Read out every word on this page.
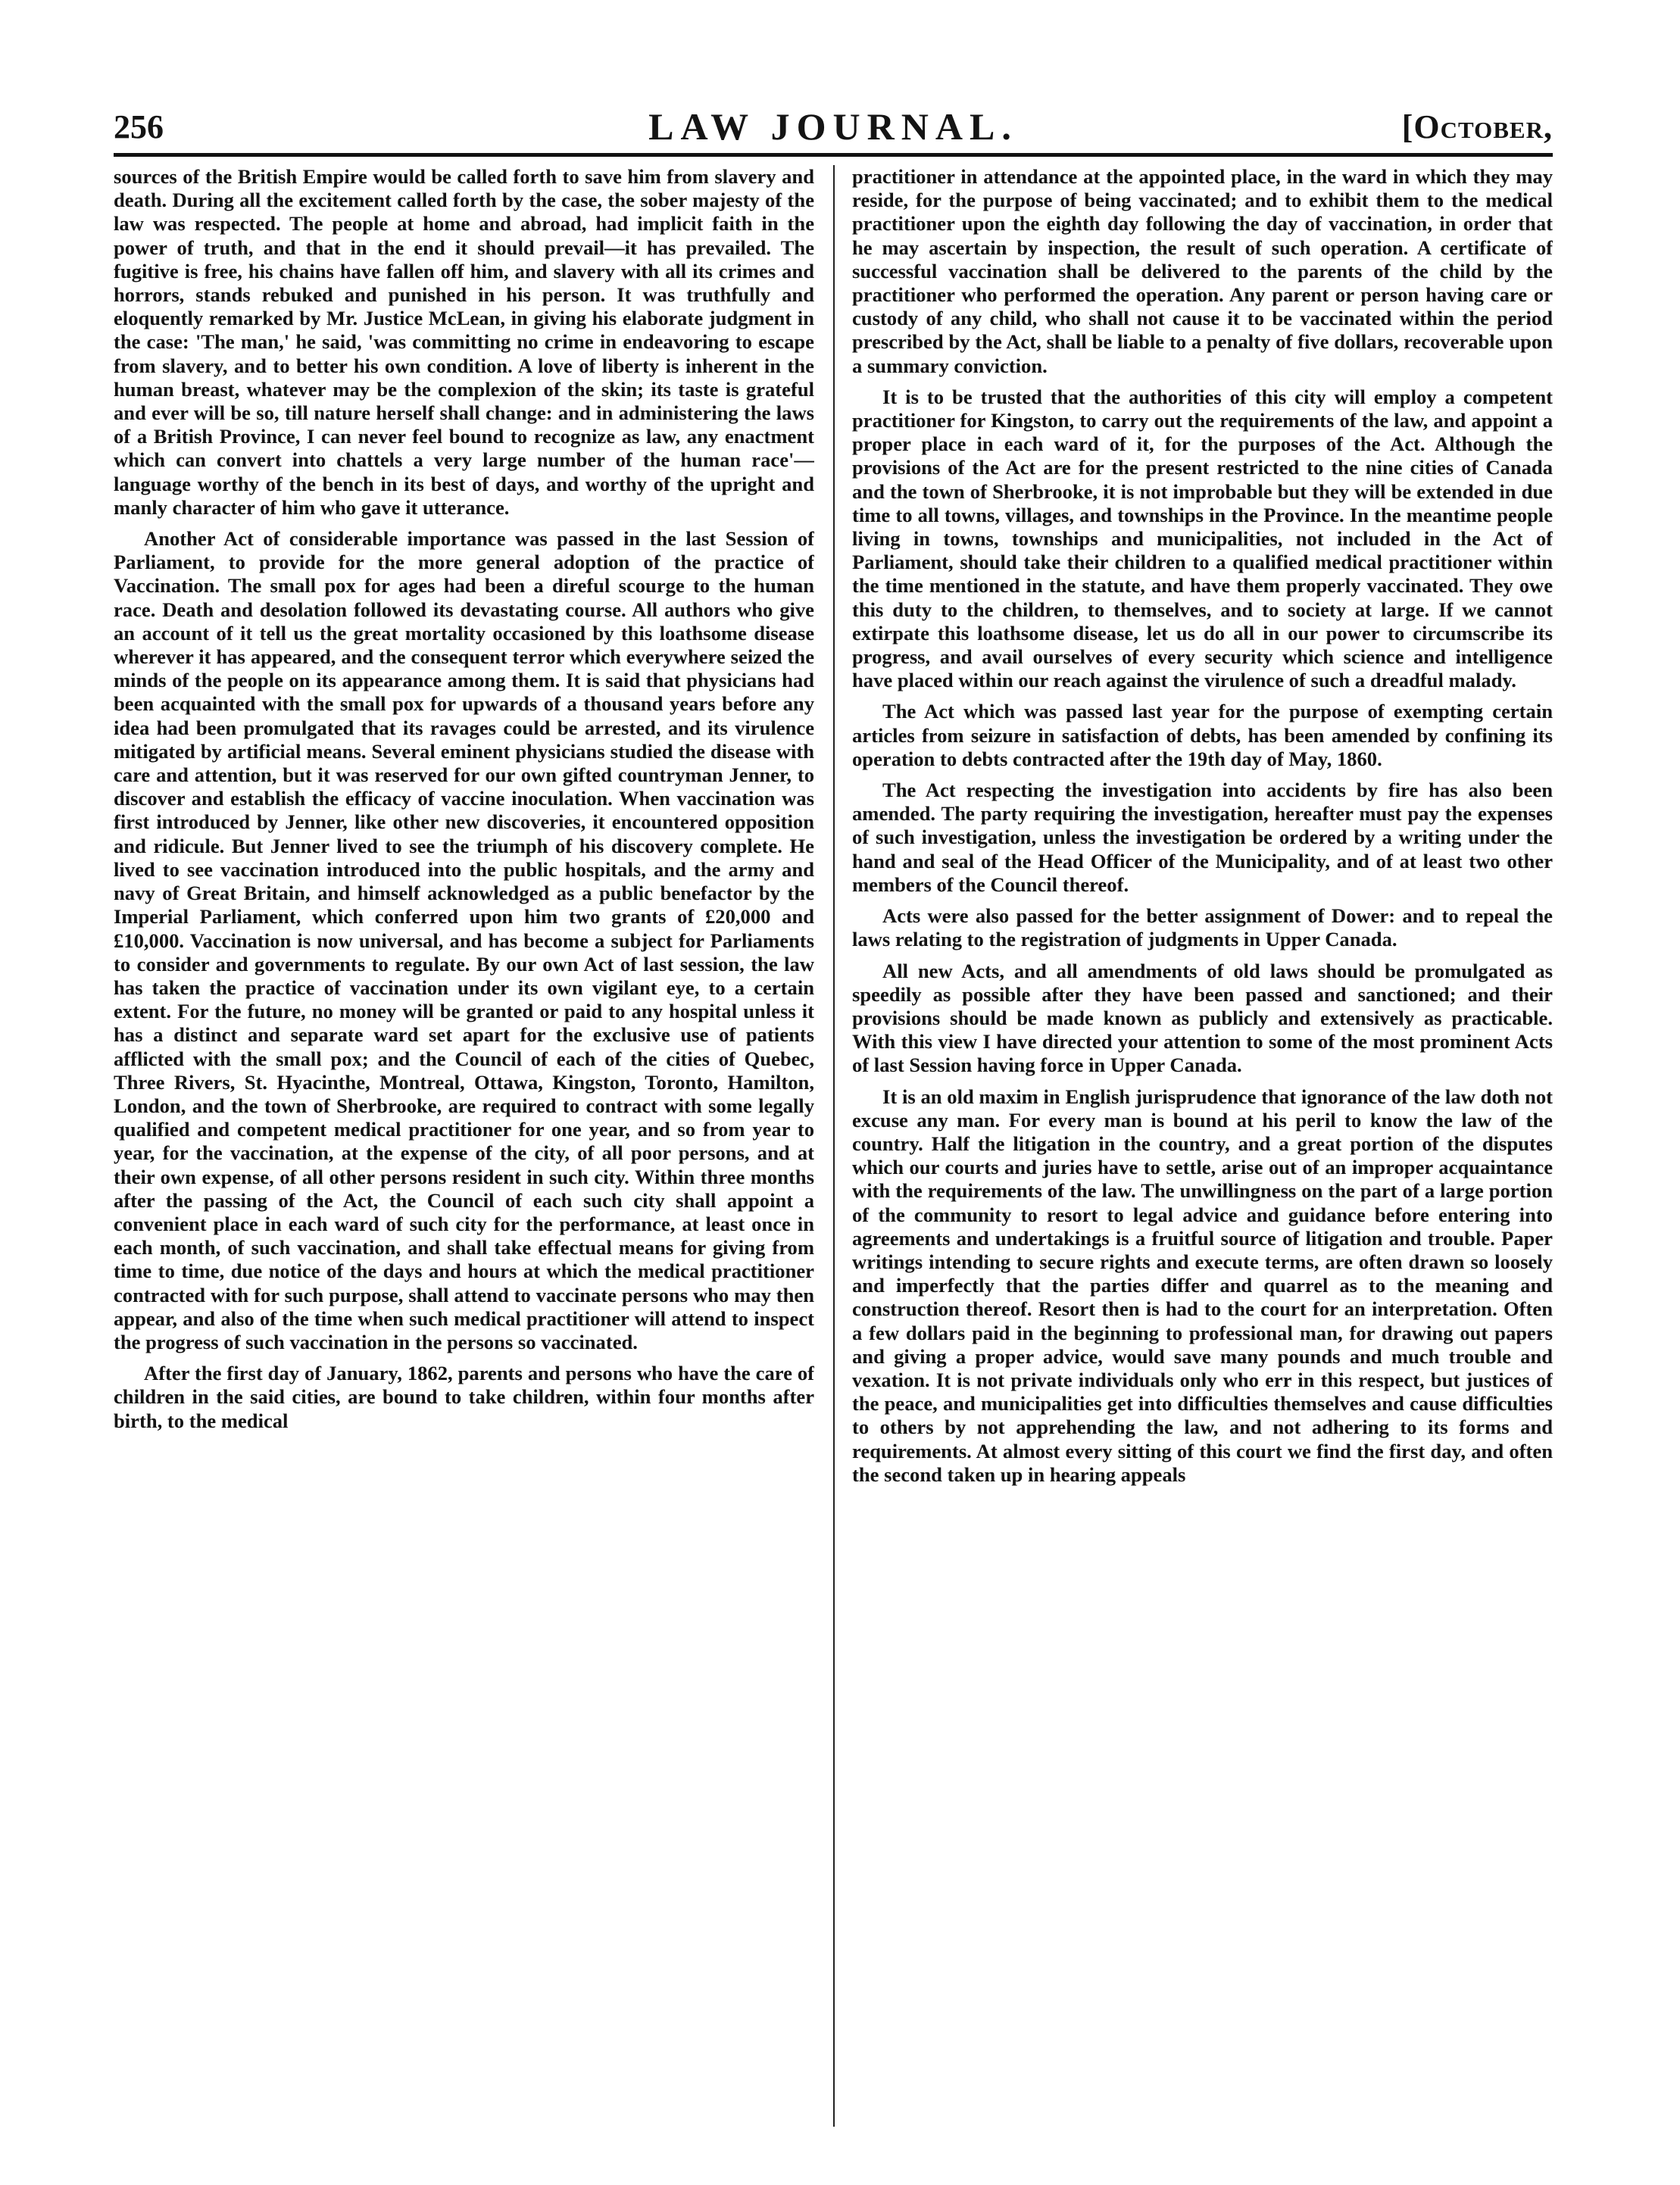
256	LAW JOURNAL.	[October,

sources of the British Empire would be called forth to save him from slavery and death. During all the excitement called forth by the case, the sober majesty of the law was respected. The people at home and abroad, had implicit faith in the power of truth, and that in the end it should prevail—it has prevailed. The fugitive is free, his chains have fallen off him, and slavery with all its crimes and horrors, stands rebuked and punished in his person. It was truthfully and eloquently remarked by Mr. Justice McLean, in giving his elaborate judgment in the case: 'The man,' he said, 'was committing no crime in endeavoring to escape from slavery, and to better his own condition. A love of liberty is inherent in the human breast, whatever may be the complexion of the skin; its taste is grateful and ever will be so, till nature herself shall change: and in administering the laws of a British Province, I can never feel bound to recognize as law, any enactment which can convert into chattels a very large number of the human race'—language worthy of the bench in its best of days, and worthy of the upright and manly character of him who gave it utterance.

Another Act of considerable importance was passed in the last Session of Parliament, to provide for the more general adoption of the practice of Vaccination. The small pox for ages had been a direful scourge to the human race. Death and desolation followed its devastating course. All authors who give an account of it tell us the great mortality occasioned by this loathsome disease wherever it has appeared, and the consequent terror which everywhere seized the minds of the people on its appearance among them. It is said that physicians had been acquainted with the small pox for upwards of a thousand years before any idea had been promulgated that its ravages could be arrested, and its virulence mitigated by artificial means. Several eminent physicians studied the disease with care and attention, but it was reserved for our own gifted countryman Jenner, to discover and establish the efficacy of vaccine inoculation. When vaccination was first introduced by Jenner, like other new discoveries, it encountered opposition and ridicule. But Jenner lived to see the triumph of his discovery complete. He lived to see vaccination introduced into the public hospitals, and the army and navy of Great Britain, and himself acknowledged as a public benefactor by the Imperial Parliament, which conferred upon him two grants of £20,000 and £10,000. Vaccination is now universal, and has become a subject for Parliaments to consider and governments to regulate. By our own Act of last session, the law has taken the practice of vaccination under its own vigilant eye, to a certain extent. For the future, no money will be granted or paid to any hospital unless it has a distinct and separate ward set apart for the exclusive use of patients afflicted with the small pox; and the Council of each of the cities of Quebec, Three Rivers, St. Hyacinthe, Montreal, Ottawa, Kingston, Toronto, Hamilton, London, and the town of Sherbrooke, are required to contract with some legally qualified and competent medical practitioner for one year, and so from year to year, for the vaccination, at the expense of the city, of all poor persons, and at their own expense, of all other persons resident in such city. Within three months after the passing of the Act, the Council of each such city shall appoint a convenient place in each ward of such city for the performance, at least once in each month, of such vaccination, and shall take effectual means for giving from time to time, due notice of the days and hours at which the medical practitioner contracted with for such purpose, shall attend to vaccinate persons who may then appear, and also of the time when such medical practitioner will attend to inspect the progress of such vaccination in the persons so vaccinated.

After the first day of January, 1862, parents and persons who have the care of children in the said cities, are bound to take children, within four months after birth, to the medical

practitioner in attendance at the appointed place, in the ward in which they may reside, for the purpose of being vaccinated; and to exhibit them to the medical practitioner upon the eighth day following the day of vaccination, in order that he may ascertain by inspection, the result of such operation. A certificate of successful vaccination shall be delivered to the parents of the child by the practitioner who performed the operation. Any parent or person having care or custody of any child, who shall not cause it to be vaccinated within the period prescribed by the Act, shall be liable to a penalty of five dollars, recoverable upon a summary conviction.

It is to be trusted that the authorities of this city will employ a competent practitioner for Kingston, to carry out the requirements of the law, and appoint a proper place in each ward of it, for the purposes of the Act. Although the provisions of the Act are for the present restricted to the nine cities of Canada and the town of Sherbrooke, it is not improbable but they will be extended in due time to all towns, villages, and townships in the Province. In the meantime people living in towns, townships and municipalities, not included in the Act of Parliament, should take their children to a qualified medical practitioner within the time mentioned in the statute, and have them properly vaccinated. They owe this duty to the children, to themselves, and to society at large. If we cannot extirpate this loathsome disease, let us do all in our power to circumscribe its progress, and avail ourselves of every security which science and intelligence have placed within our reach against the virulence of such a dreadful malady.

The Act which was passed last year for the purpose of exempting certain articles from seizure in satisfaction of debts, has been amended by confining its operation to debts contracted after the 19th day of May, 1860.

The Act respecting the investigation into accidents by fire has also been amended. The party requiring the investigation, hereafter must pay the expenses of such investigation, unless the investigation be ordered by a writing under the hand and seal of the Head Officer of the Municipality, and of at least two other members of the Council thereof.

Acts were also passed for the better assignment of Dower: and to repeal the laws relating to the registration of judgments in Upper Canada.

All new Acts, and all amendments of old laws should be promulgated as speedily as possible after they have been passed and sanctioned; and their provisions should be made known as publicly and extensively as practicable. With this view I have directed your attention to some of the most prominent Acts of last Session having force in Upper Canada.

It is an old maxim in English jurisprudence that ignorance of the law doth not excuse any man. For every man is bound at his peril to know the law of the country. Half the litigation in the country, and a great portion of the disputes which our courts and juries have to settle, arise out of an improper acquaintance with the requirements of the law. The unwillingness on the part of a large portion of the community to resort to legal advice and guidance before entering into agreements and undertakings is a fruitful source of litigation and trouble. Paper writings intending to secure rights and execute terms, are often drawn so loosely and imperfectly that the parties differ and quarrel as to the meaning and construction thereof. Resort then is had to the court for an interpretation. Often a few dollars paid in the beginning to professional man, for drawing out papers and giving a proper advice, would save many pounds and much trouble and vexation. It is not private individuals only who err in this respect, but justices of the peace, and municipalities get into difficulties themselves and cause difficulties to others by not apprehending the law, and not adhering to its forms and requirements. At almost every sitting of this court we find the first day, and often the second taken up in hearing appeals
